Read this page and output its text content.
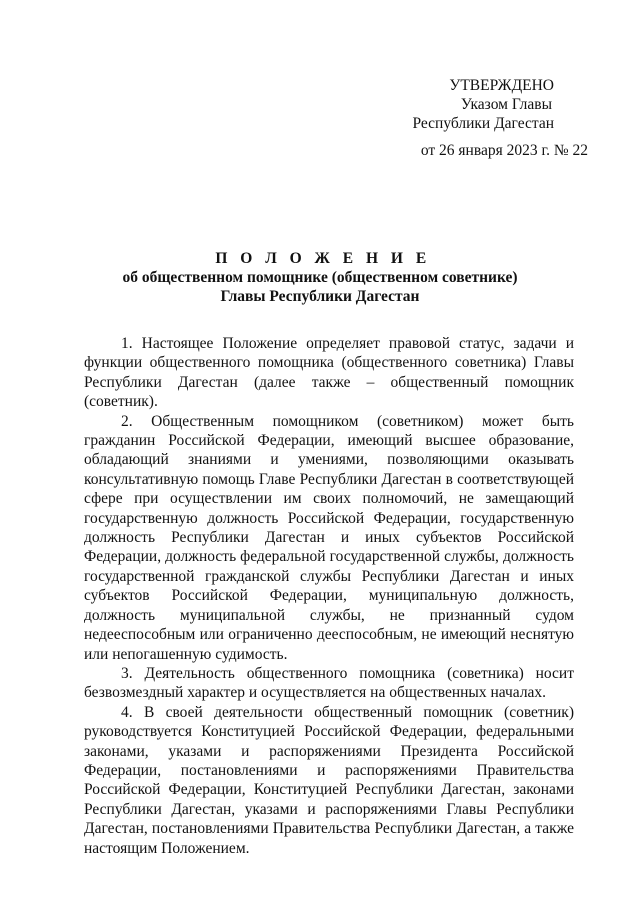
УТВЕРЖДЕНО
Указом Главы
Республики Дагестан
от 26 января 2023 г. № 22
П О Л О Ж Е Н И Е
об общественном помощнике (общественном советнике)
Главы Республики Дагестан

1. Настоящее Положение определяет правовой статус, задачи и функции общественного помощника (общественного советника) Главы Республики Дагестан (далее также – общественный помощник (советник).

2. Общественным помощником (советником) может быть гражданин Российской Федерации, имеющий высшее образование, обладающий знаниями и умениями, позволяющими оказывать консультативную помощь Главе Республики Дагестан в соответствующей сфере при осуществлении им своих полномочий, не замещающий государственную должность Российской Федерации, государственную должность Республики Дагестан и иных субъектов Российской Федерации, должность федеральной государственной службы, должность государственной гражданской службы Республики Дагестан и иных субъектов Российской Федерации, муниципальную должность, должность муниципальной службы, не признанный судом недееспособным или ограниченно дееспособным, не имеющий неснятую или непогашенную судимость.

3. Деятельность общественного помощника (советника) носит безвозмездный характер и осуществляется на общественных началах.

4. В своей деятельности общественный помощник (советник) руководствуется Конституцией Российской Федерации, федеральными законами, указами и распоряжениями Президента Российской Федерации, постановлениями и распоряжениями Правительства Российской Федерации, Конституцией Республики Дагестан, законами Республики Дагестан, указами и распоряжениями Главы Республики Дагестан, постановлениями Правительства Республики Дагестан, а также настоящим Положением.
